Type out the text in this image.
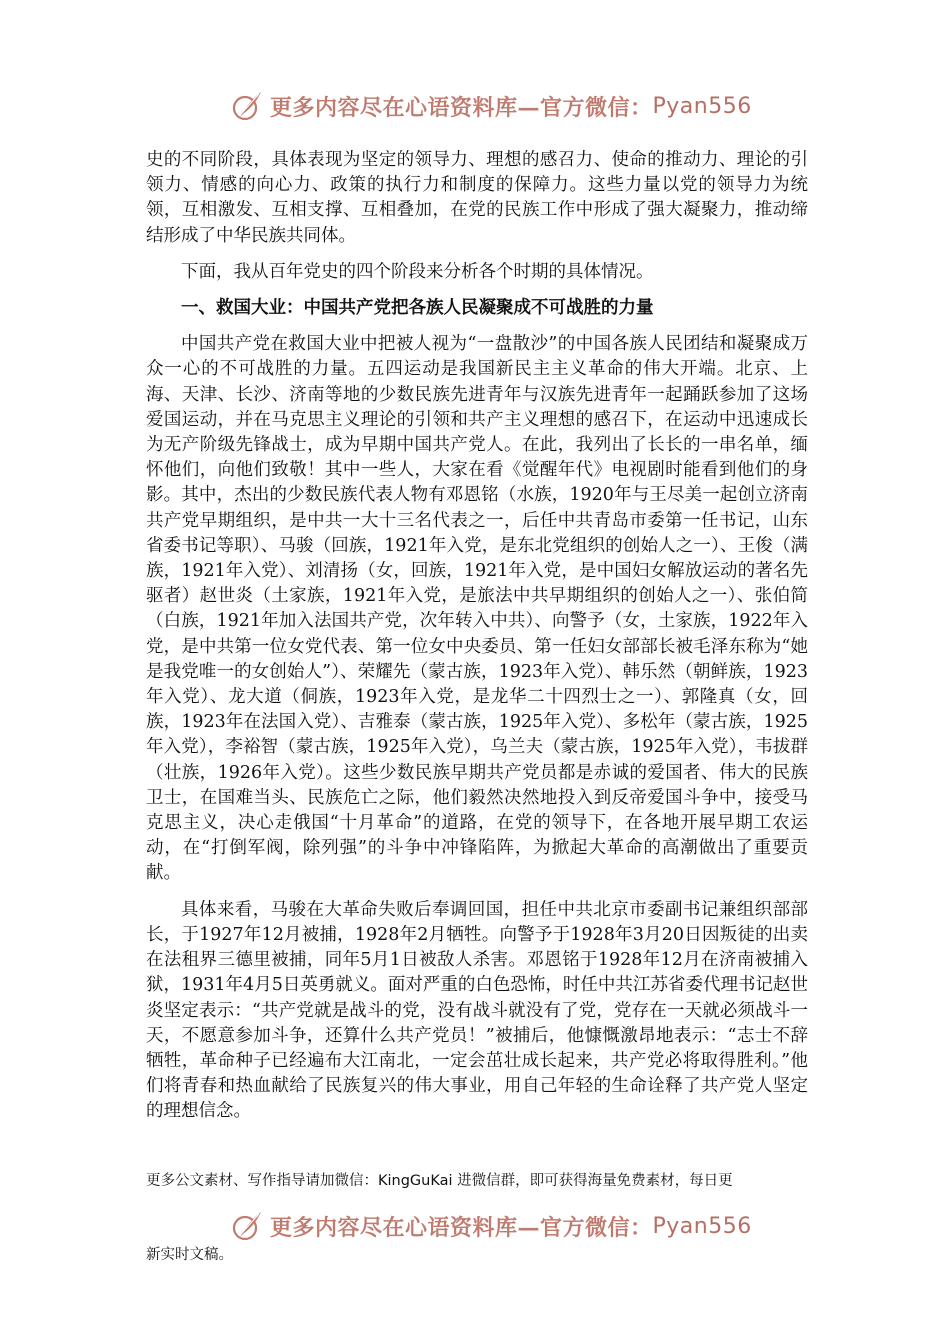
更多内容尽在心语资料库—官方微信： Pyan556

史的不同阶段，具体表现为坚定的领导力、理想的感召力、使命的推动力、理论的引领力、情感的向心力、政策的执行力和制度的保障力。这些力量以党的领导力为统领，互相激发、互相支撑、互相叠加，在党的民族工作中形成了强大凝聚力，推动缔结形成了中华民族共同体。

下面，我从百年党史的四个阶段来分析各个时期的具体情况。

一、救国大业：中国共产党把各族人民凝聚成不可战胜的力量

中国共产党在救国大业中把被人视为“一盘散沙”的中国各族人民团结和凝聚成万众一心的不可战胜的力量。五四运动是我国新民主主义革命的伟大开端。北京、上海、天津、长沙、济南等地的少数民族先进青年与汉族先进青年一起踊跃参加了这场爱国运动，并在马克思主义理论的引领和共产主义理想的感召下，在运动中迅速成长为无产阶级先锋战士，成为早期中国共产党人。在此，我列出了长长的一串名单，缅怀他们，向他们致敬！其中一些人，大家在看《觉醒年代》电视剧时能看到他们的身影。其中，杰出的少数民族代表人物有邓恩铭（水族，1920年与王尽美一起创立济南共产党早期组织，是中共一大十三名代表之一，后任中共青岛市委第一任书记，山东省委书记等职）、马骏（回族，1921年入党，是东北党组织的创始人之一）、王俊（满族，1921年入党）、刘清扬（女，回族，1921年入党，是中国妇女解放运动的著名先驱者）赵世炎（土家族，1921年入党，是旅法中共早期组织的创始人之一）、张伯简（白族，1921年加入法国共产党，次年转入中共）、向警予（女，土家族，1922年入党，是中共第一位女党代表、第一位女中央委员、第一任妇女部部长被毛泽东称为“她是我党唯一的女创始人”）、荣耀先（蒙古族，1923年入党）、韩乐然（朝鲜族，1923年入党）、龙大道（侗族，1923年入党，是龙华二十四烈士之一）、郭隆真（女，回族，1923年在法国入党）、吉雅泰（蒙古族，1925年入党）、多松年（蒙古族，1925年入党），李裕智（蒙古族，1925年入党），乌兰夫（蒙古族，1925年入党），韦拔群（壮族，1926年入党）。这些少数民族早期共产党员都是赤诚的爱国者、伟大的民族卫士，在国难当头、民族危亡之际，他们毅然决然地投入到反帝爱国斗争中，接受马克思主义，决心走俄国“十月革命”的道路，在党的领导下，在各地开展早期工农运动，在“打倒军阀，除列强”的斗争中冲锋陷阵，为掀起大革命的高潮做出了重要贡献。

具体来看，马骏在大革命失败后奉调回国，担任中共北京市委副书记兼组织部部长，于1927年12月被捕，1928年2月牺牲。向警予于1928年3月20日因叛徒的出卖在法租界三德里被捕，同年5月1日被敌人杀害。邓恩铭于1928年12月在济南被捕入狱，1931年4月5日英勇就义。面对严重的白色恐怖，时任中共江苏省委代理书记赵世炎坚定表示：“共产党就是战斗的党，没有战斗就没有了党，党存在一天就必须战斗一天，不愿意参加斗争，还算什么共产党员！”被捕后，他慷慨激昂地表示：“志士不辞牺牲，革命种子已经遍布大江南北，一定会茁壮成长起来，共产党必将取得胜利。”他们将青春和热血献给了民族复兴的伟大事业，用自己年轻的生命诠释了共产党人坚定的理想信念。

更多公文素材、写作指导请加微信：KingGuKai 进微信群，即可获得海量免费素材，每日更
更多内容尽在心语资料库—官方微信： Pyan556
新实时文稿。
